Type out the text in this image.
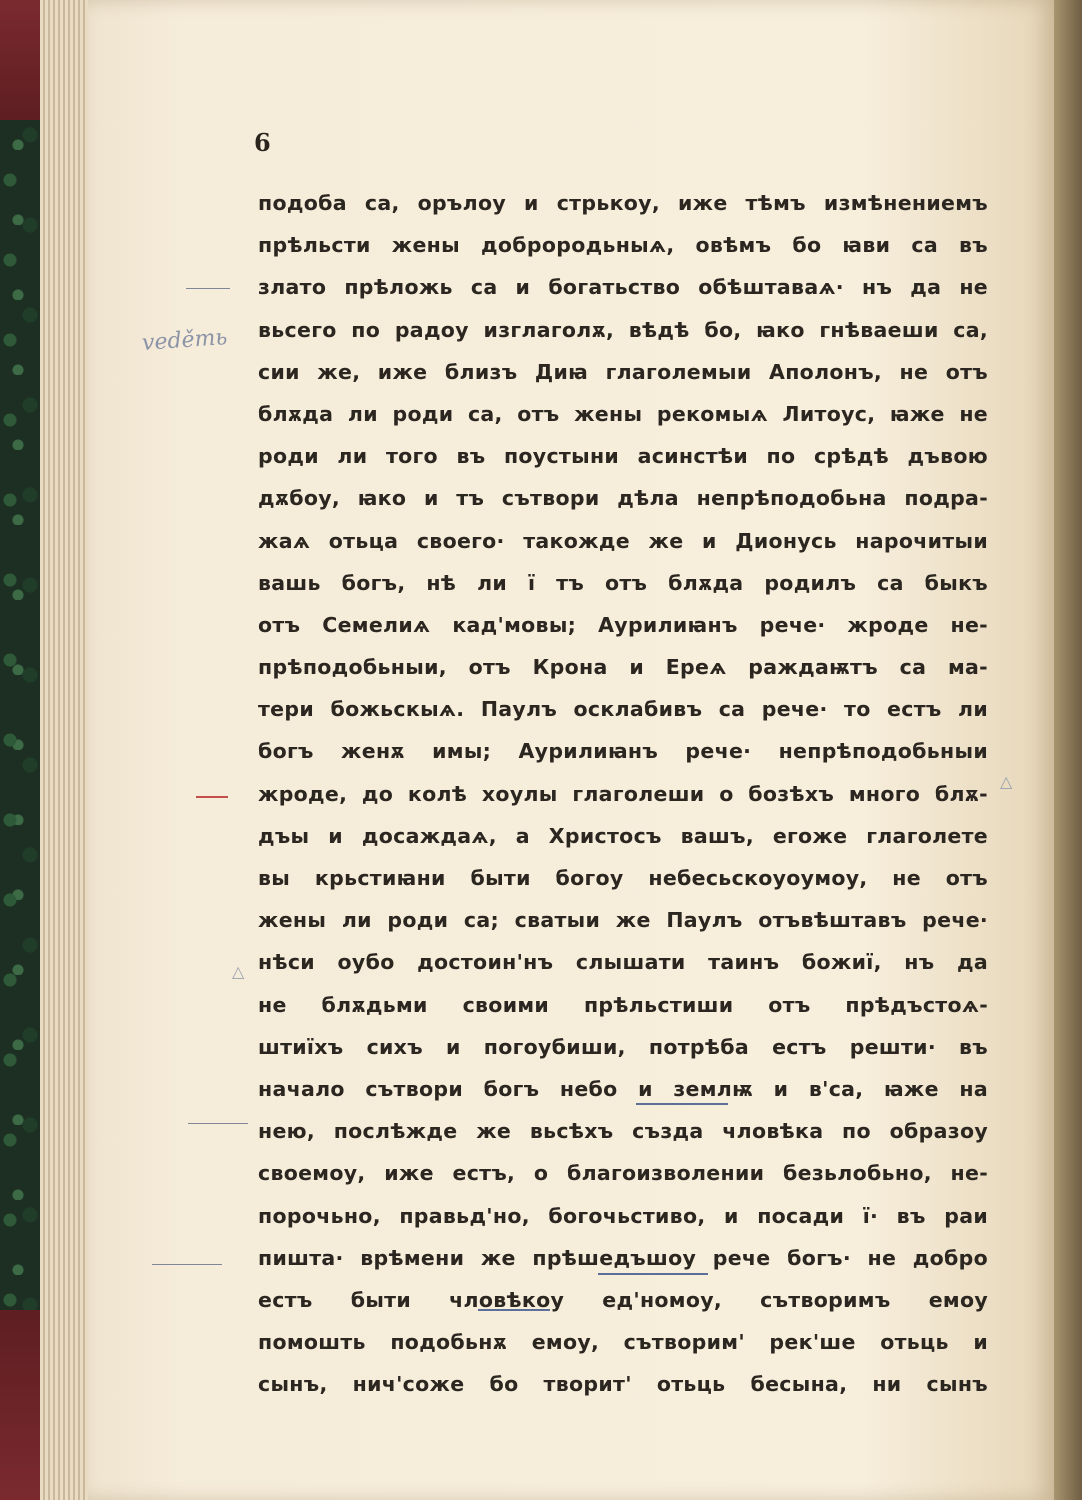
6
veděть
△
△
подоба са, орълоу и стрькоу, иже тѣмъ измѣнениемъ
прѣльсти жены доброродьныѧ, овѣмъ бо ꙗви са въ
злато прѣложь са и богатьство обѣштаваѧ· нъ да не
вьсего по радоу изглаголѫ, вѣдѣ бо, ꙗко гнѣваеши са,
сии же, иже близъ Диꙗ глаголемыи Аполонъ, не отъ
блѫда ли роди са, отъ жены рекомыѧ Литоус, ꙗже не
роди ли того въ поустыни асинстѣи по срѣдѣ дъвою
дѫбоу, ꙗко и тъ сътвори дѣла непрѣподобьна подра-
жаѧ отьца своего· такожде же и Дионусь нарочитыи
вашь богъ, нѣ ли ї тъ отъ блѫда родилъ са быкъ
отъ Семелиѧ кад'мовы; Аурилиꙗнъ рече· жроде не-
прѣподобьныи, отъ Крона и Ереѧ раждаѭтъ са ма-
тери божьскыѧ. Паулъ осклабивъ са рече· то естъ ли
богъ женѫ имы; Аурилиꙗнъ рече· непрѣподобьныи
жроде, до колѣ хоулы глаголеши о бозѣхъ много блѫ-
дъы и досаждаѧ, а Христосъ вашъ, егоже глаголете
вы крьстиꙗни быти богоу небесьскоуоумоу, не отъ
жены ли роди са; сватыи же Паулъ отъвѣштавъ рече·
нѣси оубо достоин'нъ слышати таинъ божиї, нъ да
не блѫдьми своими прѣльстиши отъ прѣдъстоѧ-
штиїхъ сихъ и погоубиши, потрѣба естъ решти· въ
начало сътвори богъ небо и землѭ и в'са, ꙗже на
нею, послѣжде же вьсѣхъ създа чловѣка по образоу
своемоу, иже естъ, о благоизволении безьлобьно, не-
порочьно, правьд'но, богочьстиво, и посади ї· въ раи
пишта· врѣмени же прѣшедъшоу рече богъ· не добро
естъ быти чловѣкоу ед'номоу, сътворимъ емоу
помошть подобьнѫ емоу, сътворим' рек'ше отьць и
сынъ, нич'соже бо творит' отьць бесына, ни сынъ
